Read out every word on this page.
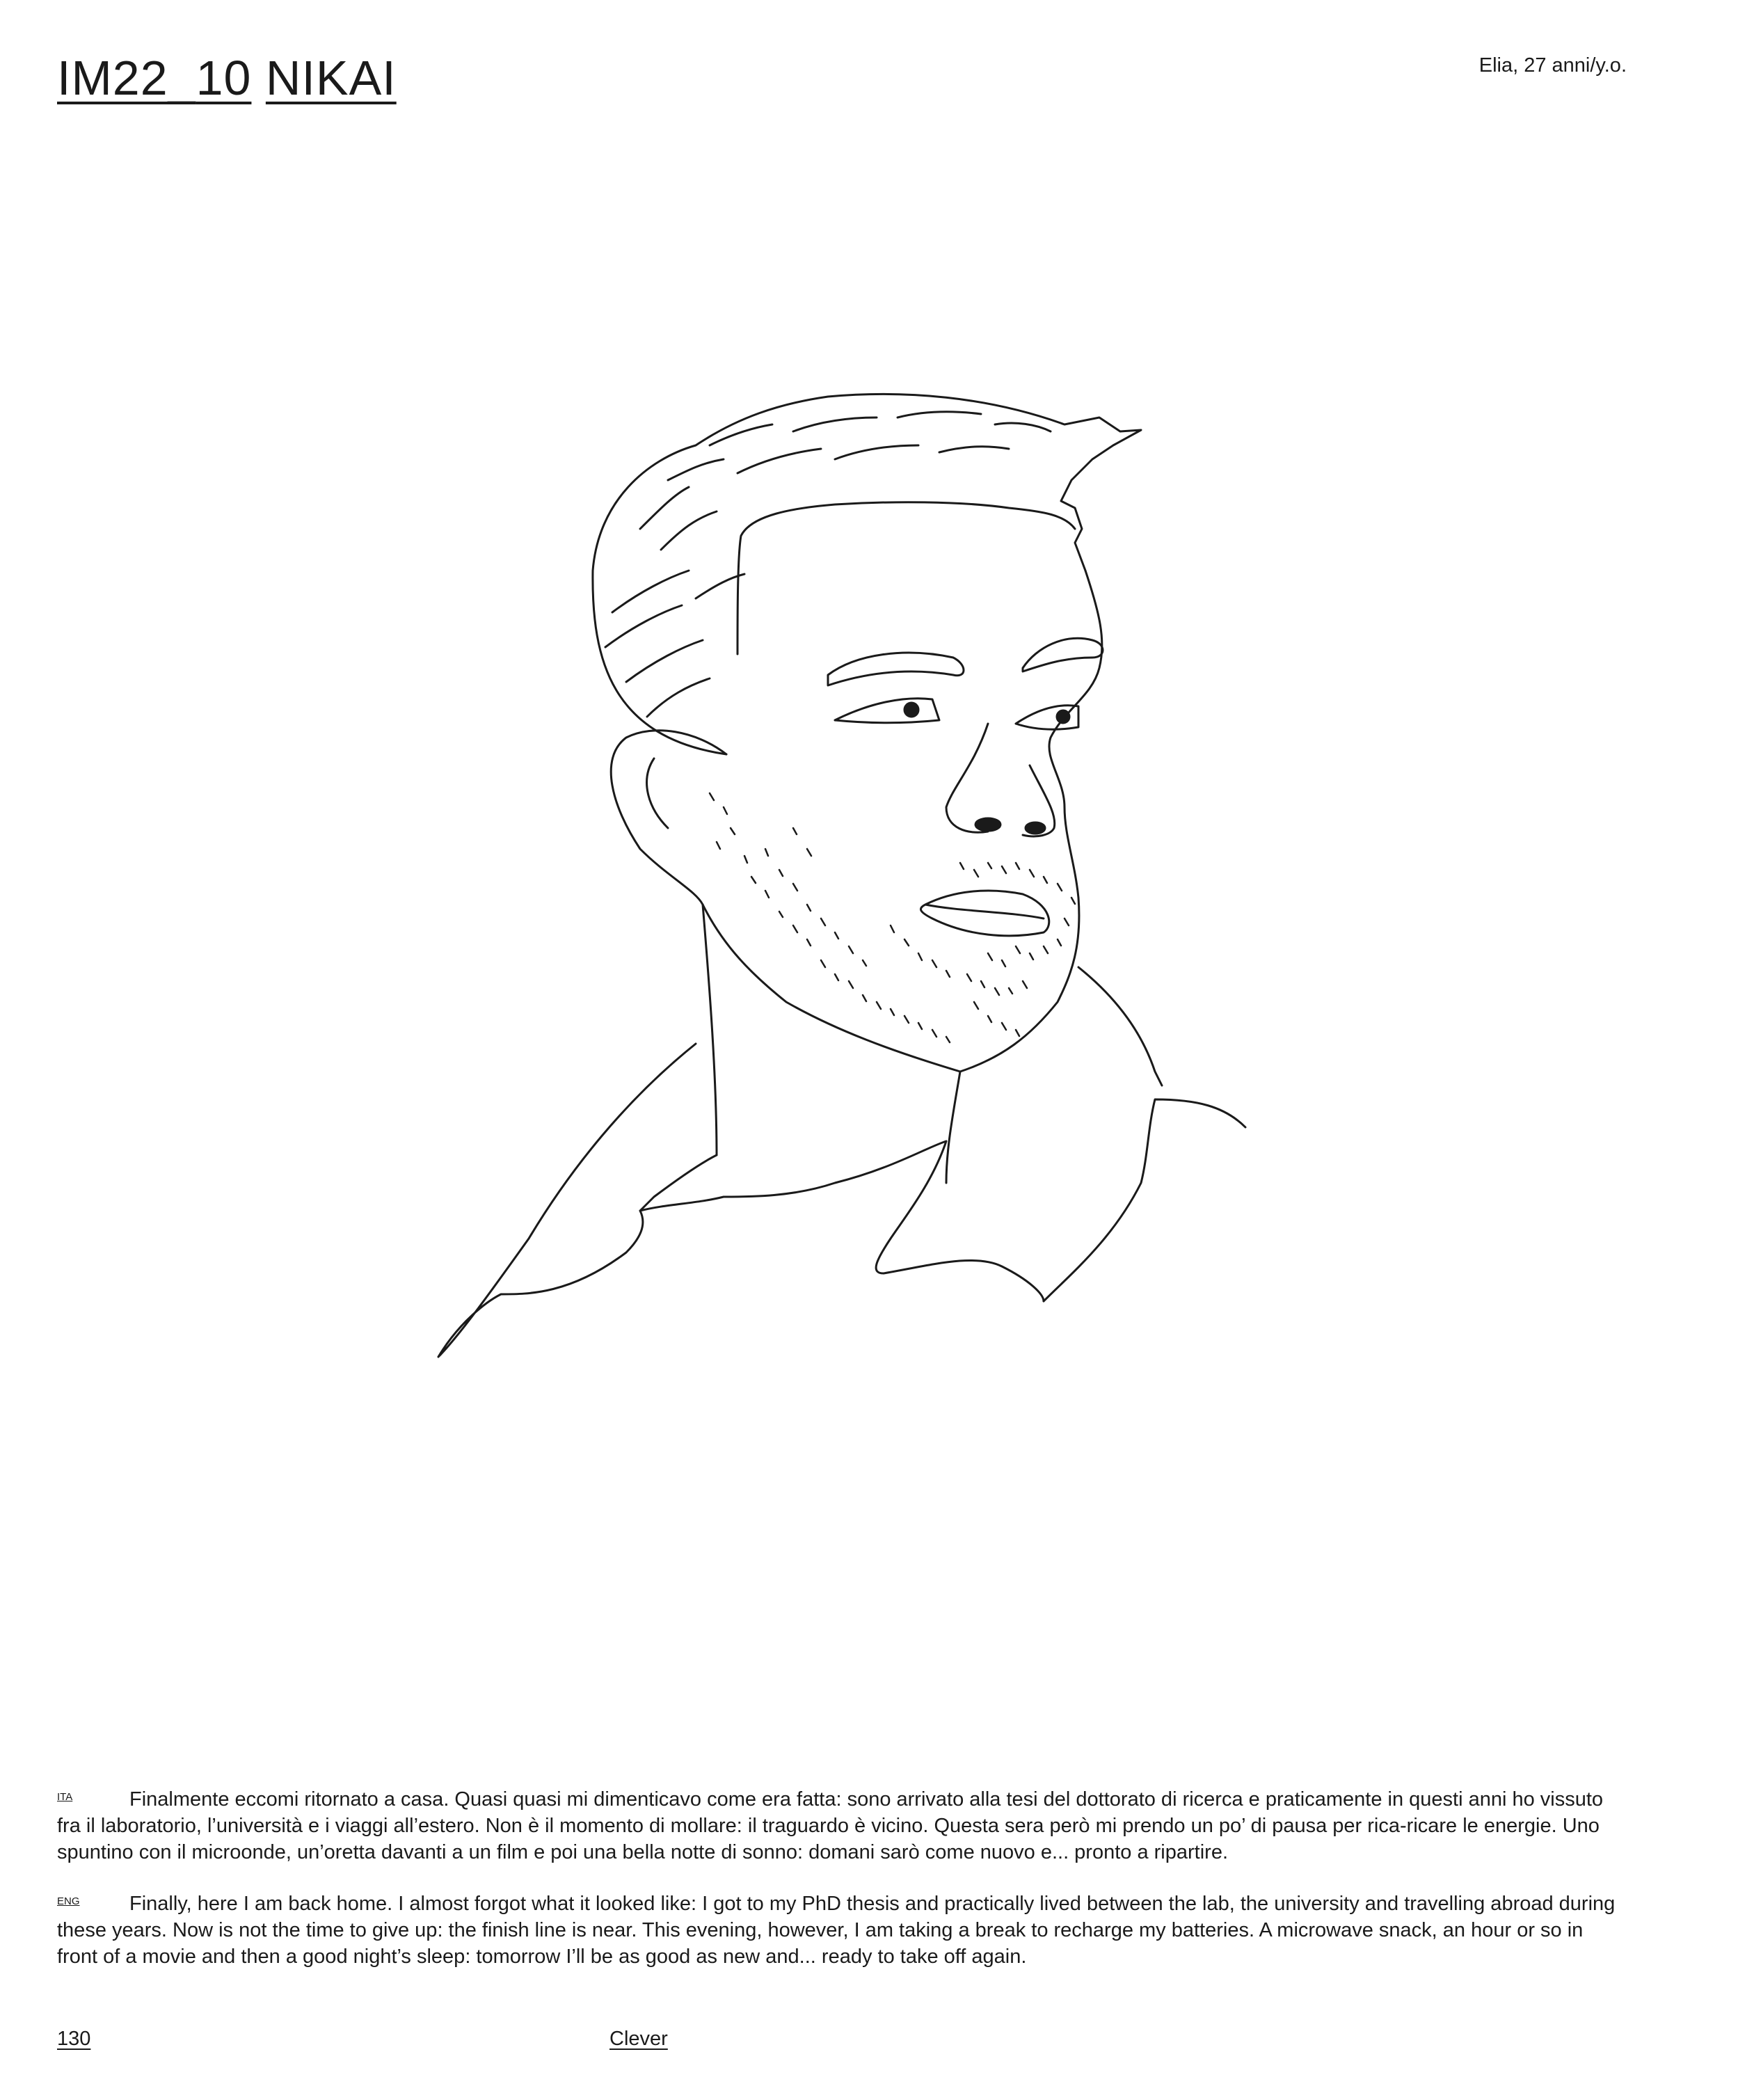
IM22_10 NIKAI	Elia, 27 anni/y.o.
ITA	Finalmente eccomi ritornato a casa. Quasi quasi mi dimenticavo come era fatta: sono arrivato alla tesi del dottorato di ricerca e praticamente in questi anni ho vissuto fra il laboratorio, l’università e i viaggi all’estero. Non è il momento di mollare: il traguardo è vicino. Questa sera però mi prendo un po’ di pausa per rica-ricare le energie. Uno spuntino con il microonde, un’oretta davanti a un film e poi una bella notte di sonno: domani sarò come nuovo e... pronto a ripartire.
ENG Finally, here I am back home. I almost forgot what it looked like: I got to my PhD thesis and practically lived between the lab, the university and travelling abroad during these years. Now is not the time to give up: the finish line is near. This evening, however, I am taking a break to recharge my batteries. A microwave snack, an hour or so in front of a movie and then a good night’s sleep: tomorrow I’ll be as good as new and... ready to take off again.
130	Clever
